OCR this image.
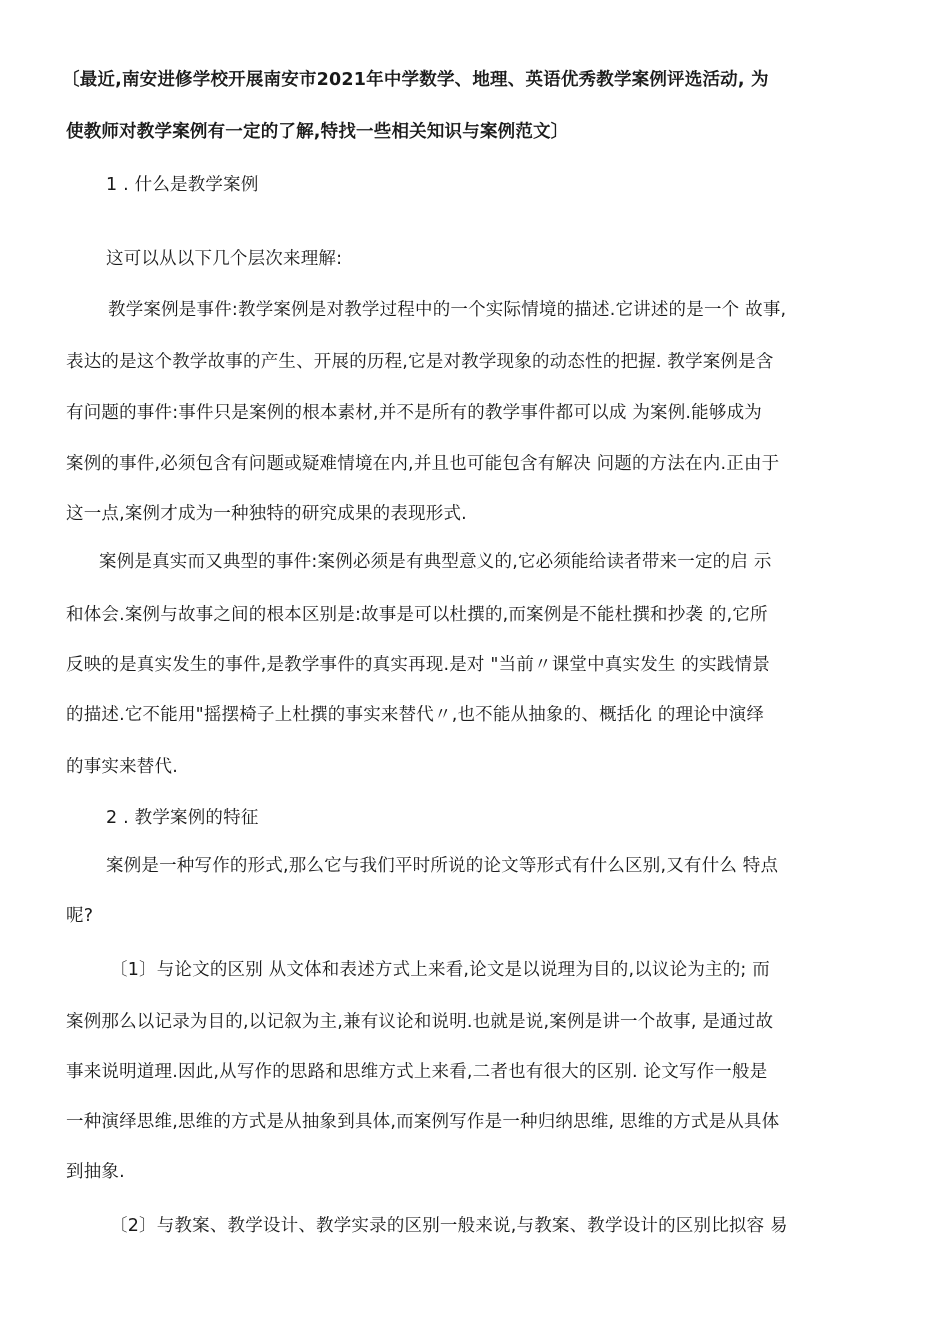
〔最近,南安进修学校开展南安市2021年中学数学、地理、英语优秀教学案例评选活动, 为
使教师对教学案例有一定的了解,特找一些相关知识与案例范文〕
1 . 什么是教学案例
这可以从以下几个层次来理解:
教学案例是事件:教学案例是对教学过程中的一个实际情境的描述.它讲述的是一个 故事,
表达的是这个教学故事的产生、开展的历程,它是对教学现象的动态性的把握. 教学案例是含
有问题的事件:事件只是案例的根本素材,并不是所有的教学事件都可以成 为案例.能够成为
案例的事件,必须包含有问题或疑难情境在内,并且也可能包含有解决 问题的方法在内.正由于
这一点,案例才成为一种独特的研究成果的表现形式.
案例是真实而又典型的事件:案例必须是有典型意义的,它必须能给读者带来一定的启 示
和体会.案例与故事之间的根本区别是:故事是可以杜撰的,而案例是不能杜撰和抄袭 的,它所
反映的是真实发生的事件,是教学事件的真实再现.是对 "当前〃课堂中真实发生 的实践情景
的描述.它不能用"摇摆椅子上杜撰的事实来替代〃,也不能从抽象的、概括化 的理论中演绎
的事实来替代.
2 . 教学案例的特征
案例是一种写作的形式,那么它与我们平时所说的论文等形式有什么区别,又有什么 特点
呢?
〔1〕与论文的区别 从文体和表述方式上来看,论文是以说理为目的,以议论为主的; 而
案例那么以记录为目的,以记叙为主,兼有议论和说明.也就是说,案例是讲一个故事, 是通过故
事来说明道理.因此,从写作的思路和思维方式上来看,二者也有很大的区别. 论文写作一般是
一种演绎思维,思维的方式是从抽象到具体,而案例写作是一种归纳思维, 思维的方式是从具体
到抽象.
〔2〕与教案、教学设计、教学实录的区别一般来说,与教案、教学设计的区别比拟容 易
